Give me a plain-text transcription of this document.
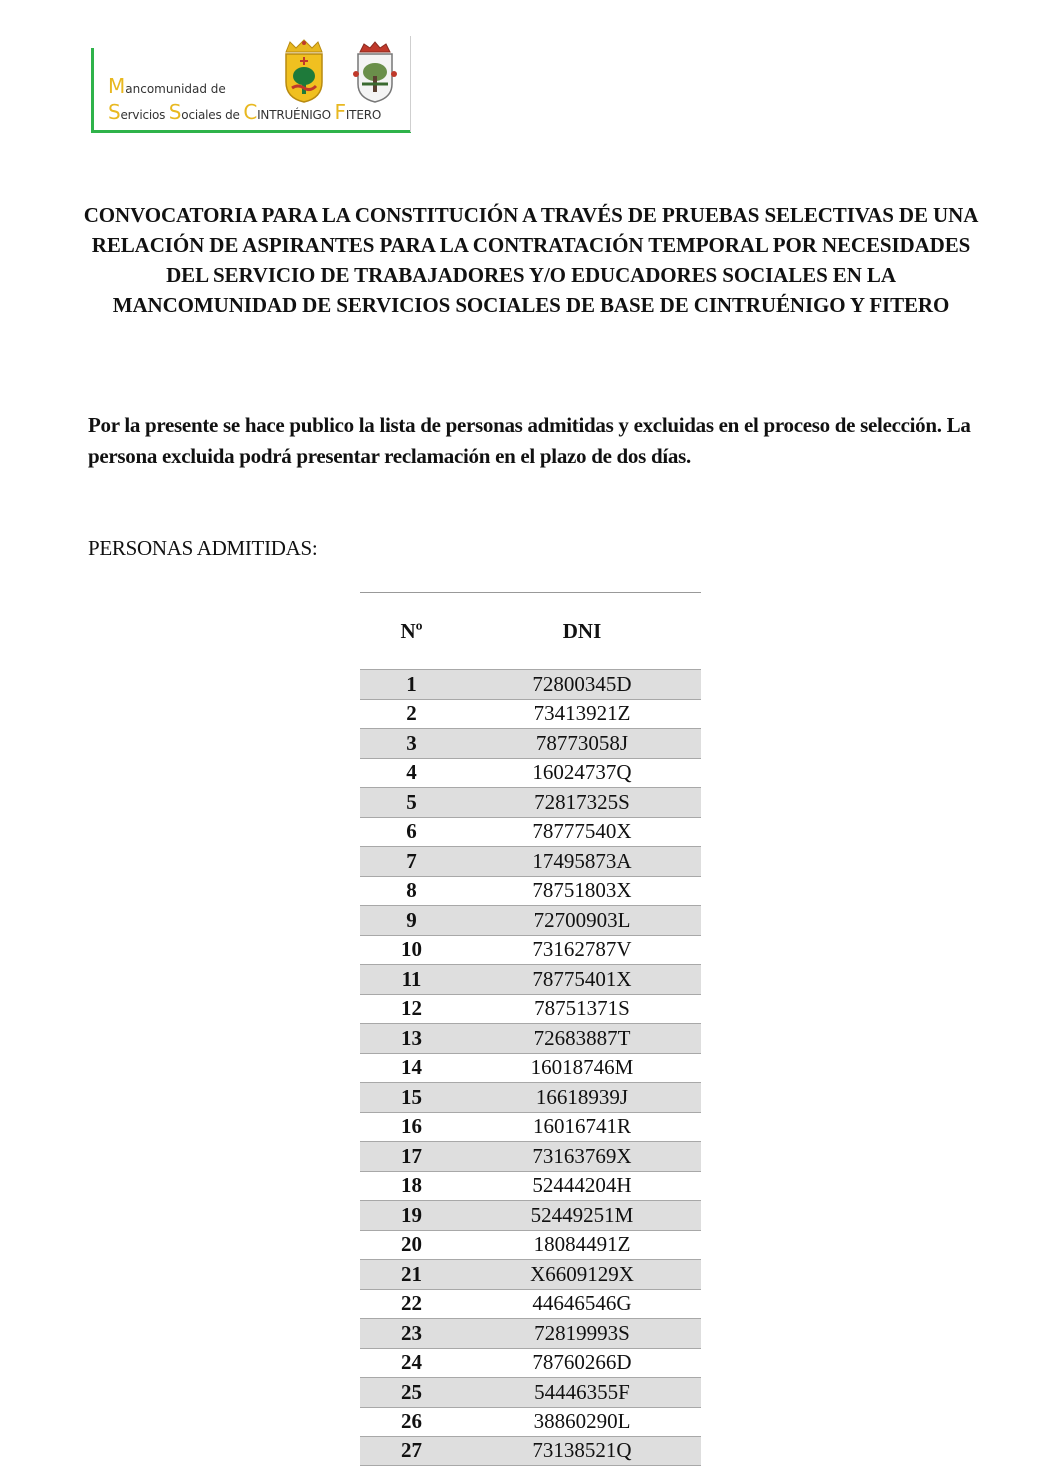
Mancomunidad de
Servicios Sociales de CINTRUÉNIGO FITERO
CONVOCATORIA PARA LA CONSTITUCIÓN A TRAVÉS DE PRUEBAS SELECTIVAS DE UNA RELACIÓN DE ASPIRANTES PARA LA CONTRATACIÓN TEMPORAL POR NECESIDADES DEL SERVICIO DE TRABAJADORES Y/O EDUCADORES SOCIALES EN LA MANCOMUNIDAD DE SERVICIOS SOCIALES DE BASE DE CINTRUÉNIGO Y FITERO
Por la presente se hace publico la lista de personas admitidas y excluidas en el proceso de selección. La persona excluida podrá presentar reclamación en el plazo de dos días.
PERSONAS ADMITIDAS:
Nº	DNI
1	72800345D
2	73413921Z
3	78773058J
4	16024737Q
5	72817325S
6	78777540X
7	17495873A
8	78751803X
9	72700903L
10	73162787V
11	78775401X
12	78751371S
13	72683887T
14	16018746M
15	16618939J
16	16016741R
17	73163769X
18	52444204H
19	52449251M
20	18084491Z
21	X6609129X
22	44646546G
23	72819993S
24	78760266D
25	54446355F
26	38860290L
27	73138521Q
